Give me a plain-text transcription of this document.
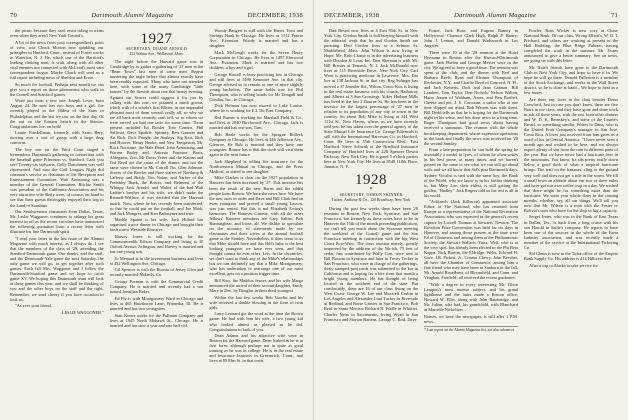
70	Dartmouth Alumni Magazine	DECEMBER, 1938

the picnic because they can't resist riding in trains even when they aren't New York Central's.

A lot of the news from your correspondent's point of view, was Chuck Morton now spinkling our principles in Hartford, Conn., instead of Foster works in Waterloo, N. J. He, which one of the Hartford's leading clothing men, is with, along with all other vital enemies not connected with McLeod's most vain correspondent frogon. Maybe Chuck will send us a full report including news of Sheldon and Ernie.

So much for football. Perhaps next month we can give you a report on those phenomena who walk in the Cornell and Stanford games.

Word just from a new one, Joseph Lowe, born August 24. He now has two boys and a girl. Joe recently played in the Oldest of the Stars in Philadelphia, and the last we saw on the first day, Of the out on the Eastern bench in the Stamos. Congratulations Joe, on both!

Laurie Friedellman, formerly with Sears Bery, moving over a sort of group with a large drug concerns.

The boy son on the West Coast staged a tremendous Dartmouth gathering in connection with the baseball game Princeton vs. Stanford. Can't you see? Twenty-six stalwarts, Golly Dartchmen was well represented. And now the Golf Leagues Night did common's service as chairman of the Reception and Entertainment Committee. Walt Armstrong was a member of the General Committee. Ritchie Smith was president of the California Association and his very attractive wife Betty were, of course, on hand to see that their guests thoroughly enjoyed their trip to the Land of Sunshine.

Our Southwestern classmates from Dallas, Texas, Mr. Leslie Waggoner, continues to enlarge his great interest in oil as the recent circulars have announced the following quotation from a recent letter with illustrate his fine Dartmouth spirit.

"I read your letter in the last issue of the Alumni Magazine with much interest, as I always do. I see that the members of the class of '28, attending the Stanford-Dartmouth game. Our thanks, and the staff, and the Dartmouth-Yale game the next Saturday, the only game we will go, to get together after such games. Each fall Mrs. Waggoner and I follow the Dartmouth-Stanford game and we hope to catch game XV. We hoping this Dartmouth team will look at these games this year, and we shall be thinking of you and the other boys on the staff and the right. Remember, we send cheery if you have occasion to look us.

"As ever your friend,

LESLIE WAGGONER."

1927
SECRETARY, DOANE ARNOLD
152 Walnut Ave., Wollaston, Mass.

The night before the Harvard game was in Cambridge by to gather a gathering of '27 men at the "Bean Town" last men at some men. Repeat mustering the night before that almost exactly have been readily expected. Many who have not attended here, with some of the many Cambridge "little houses" by the fireside about one that hearty evening. Against our Seaver could suggest it for you by calling with this one, we planned a mirth grown, which with of a whole's first Blister, in our unpearled pleasant most of them weren't really all, so why we are all back most recently can't tell, so to whom we were served we had one taste for some time. Those present included Ed Bowler Tom Connor, Phil Sullivan, Dave Sparkle, Spinney, Bert Gaunter and Art Rich, Dick Pringle, the Ansleys, Sig Keis, Rich and Hoover, Henry Hooke, and New Temperton, Mr. Buck Nocturne, the Hale Hotel, John Armstrong, and Warren Bailey and, Antonio Ponzone, Boris, Aldegams, Zoo, Mr Davis Vetter and the Kattins and Ted Reed are the cause of the dinner, and not the same were chosen to Mr. Carroll Tin, Glen Johnson. Scores of the Bowler and three wafers of Northrop & Lafferty and Brady, Tim Nolan, and Yarber of the Freedsby Bunk, the Bower, and Belmont of the Whinpy, Jack Arnold, and Walter of the had Walt Ladder's brother and his wife, we didn't make the Rennell-Wallace, it was decided that the Harvard match. Now, where he has recently been transferred, so that he could put on the football, and Joe Mark, and Jack Mongrer, and Ken Baliasyner and wife.

Marble Spaine is his wife, Jack Hillard has organised a nice dinner in Chicago and brought their birth a new Westside Bouctive.

Harvey Jones is still working for the Commonwealth Edison Company and living at 10 Oxford Avenue, Arlington, and Harvey is married and has one young son.

Jo Menaud is in the investment business and lives at 432 Wellington Ave, Chicago.

Gil Spencer is with the Bureau of Jersey Glen and recently married Moberly, Co.

George Forman is with the Commercial Credit Company. He is married and recently had a son named Jonathan Baker.

Ed Fly is with Montgomery Ward in Chicago and lives at 465 Hawthorne Lane, Winnetka, Ill. He is married and has two youngsters.

Stan Kimcr works for the Pullman Company and lives at 1945 North Mohawk St., Chicago. He is married and has now a year and one half old.

Woody Bangert is still with the Harris Trust and Savings Bank in Chicago. He lives at 1312 Prairie Ave., Evanston. Woody is married and has a daughter.

Mark McGough works for the Seven Henry Corporation in Chicago. He lives at 1497 Elmwood Ave., Evanston. Mark is married and has two children, a boy and a girl.

George Howell is busy practicing law in Chicago and still lives at 5490 Kenmore Ave. in that city. George advised us to remain as one of more slightly young bachelors. The same holds true for Phil Thompson, who is selling bonds for Mr Dougall and Condon, Inc., in Chicago.

Dick Holman has now moved to Lake Louise, where he is working for E.I. Du Pont Company.

Red Burner is working for Marshall Field & Co., and lives at 2040 Birchwood Ave., Chicago. Jack is married and has one son, Tom.

Bob Beale works for the Sprague Rolleck Company in Chicago. He lives at 446 Jefferson Ave., Glencoe. He Bob is married and they have one youngster. Rumor has it that the stork will visit them again in the near future.

Jack Shepherd is selling life insurance for the Northwestern Mutual in Chicago, and the Press Medical, as stated to one daughter.

Mike Clarkes is clear on the 1927 population in Hanover has been increased by '27. This increase has been the result of the new Burns and the added people from Boston. We have the news here. We have the new ones in order and Dave and Bill Clark had an even youngster and proved a small young Lasson, was just rented. But this is not Elizabeth Ewing's hansomer. The Hanover Gazette, with all the other fellows' Hanover members are Gary Saltire, Bob Runningbear, and loose, all. We dislike to speculate on the accuracy of statements made by our classmates and their wives at the annual football game at the Stanley. Nevertheless, it does seem to us that Mike should have and this Bill's baby is the best looking youngster we have ever seen, and that thought cannot be ever other, Lets. In the chronicles, we don't want to think any of the Mike's relationships but we can definitely say that a Mike Montgomery, who has undertaken to rearrange one of our most excellent, gets on a position trigger time.

Bill Kerr, the Maddox fencer, and his wife Marge announced the arrival of their second daughter, Emily Mary in Dec. by Douglas in their third youngest.

Within the last few weeks Bob Voorlin and his wife received a double blessing in the form of twin girls.

Larry Leonard got the word at the time the Brown game. He had with him his wife, a two young kid who looked almost as pleased as he did. Congratulations to both of you.

Dean Adams and his attractive wife were in Boston for the Harvard game. Dean looked as he is in first form, although perhaps not in quite as good training as he was in college. He is in the real estate and insurance business in Greenwich, Conn., and lives at 85 Elm St. in that town.

DECEMBER, 1938	Dartmouth Alumni Magazine	71

Dud Bessel now lives at 4 East 95th St. in New York City. Gordon Smith is still burying himself with the editorial work that he and Gordon Smith are pursuing. Dud Conlon lives at a Selmon St. Marblehead, Mass. John Wilson is now living in Hope, Me. Rolo Chasse is in the advertising business with Doudon & Leon, Inc. Don Sherman is with Mr. Bill Broster at Teaneck, N. J. Jack McDonald now lives at 115 Riverside Drive, New York City. Carl Wren is practicing medicine in Lawrence. Mrs. Dix live at 138 Jackson St. in that city. Reg Sulinger has moved a 37 Jennifer Rd., Wilton, Conn. Kiss is living in the real estate business with his cousin, Hathaway and Alberts at 3 Sun Crossings. Yokes Hudson Mills has lived at the last 2 Bourne St. He has been in the investor for the largest percentage of '27 men in relation to its population of any city or town in the country. So about Bob Mike is living at 244 West 111st St., New Haven, where, as we have recently told you, he has taken over the general agency of the State Mutual Life Insurance Co. George Ediemsds is still with the International Harvester Co. in Hartford, Conn. He lives at 55th Connecticut Blvd., East Hartford. Steve Schwab of the Bradford Insurance Company of Hartford lives at 228 Spencer Dewitt Parkway, New York City. He is good 5 o'clock parties here in New York City. He lives at 8548 118th Place, Jamaica, N. Y.

1928
*
SECRETARY, OSMUN SKINNER
Tucker, Anthony & Co., 120 Broadway, New York

During the past few weeks there have been '28 reunions in Boston, New York, Syracuse, and San Francisco, but formerly as these notes have to be in Hanover the 15th of the month preceding publication, we can't tell you much about the Syracuse meeting the weekend of the Cornell game and the San Francisco meeting in connection with the big West Coast Pow-Wow. The class reunion merely, greatly improved by the addition of the 5th-ish, 75 feet of cedar, fins contributed by Wally Curt, were sent to Bill Boswin in Syracuse and later to Tuvey Tecker in San Francisco, who were in charge of the gatherings, thirty stamped post cards was submitted to the bar in California and is hoping for a bite from that month a bright young members. He has thought of being located in the southern end of the state. But comfortably, there are 16 of our class living on the West Coast: George W. Lee and Maxwell Corbin in Los Angeles and Alexander Lunt Tucker in Riverside at Redland, and Boise Grimes in San Francisco, Bob Reid in Santa Monica, Richard B. Wadle in Whittier, Charles Neiss in Sacramento, Irving Wyatt in San Francisco and Storton Bartens, George C. Bird, Dave

Foster, Jack Rose, and Eugene Ramey in Hollywood; Clarence Clark High, Ralph P. Haney; John J. Lemon, and Donald Wadsworth in Los Angeles.

There were 10 at the '28 reunion at the Hotel Hermann in Boston after the Harvard-Dartmouth game. Jack Phelon and George Messer were in the city. We agreed to have a good time. The reunion was spent at the club, and the dinner with Red and Barbara Reels, Ryan and Eleanor Thompson of Rochester, N.Y., and Charlie Reed of Concord, N. H., and Jack Ketteris, Dick and Jean Cannon. Bill Lambert, Tom Taylor, Don Nichols, Nelson Walton, Harry Jessen of Waltham, Ames, and Ben Bartlett. Cheese and pie, J. S. Corcoran, a sailor who at one time slipped out mind, Bob Warren was with them. Bill Dodd tells us that he is hoping for the Dartmouth night in his sense, and has done news in a long time. Roger Thompson had good news about having received a summons. The reunion with the whole bookkeeping department, whose expensive operations in the bank and finally the news was received on '28 the second Sunday.

From a late-preparation he can hold the spring he invariably a model in lyres, of whom he often writes in his best prose, at many times, and we haven't passed on the same to see what we can still go ahead with, and we all know that Sid's past Dartmouth days. Sydney Vocalist is tied with the same boy, the Bank of the World, who we know is in his farther thinking to, but Mary Lee, their eldest, is still getting the golden, "Hadley." Jack Rogers told us the rest is all in his world.

"Ackland's (Jack Kilberon) appointed associate Editor of The National, who has returned from Europe as a representative of the National Recreation Association, who was expected in the general's recent capture by Lowell Thomas at Stewarts' Newton. The Bowdoin Prize Convention was held for six days in Hanover, and among those present at the time were Ed of Chairmen, and among them at the Philharmonic Society, the Stewart Wallach, Vaira, Weil, who is at the very spot, has already been elected to the Phi Beta Kappa. Nick Burton, the Eldridge, Wells, Edward H. Gore, J.R. Pickett, Jr., Connor Cherry, John Beecher, all have the Chamber of Commerce, among him a fine friend who may have been in Sanborn in the fall. Mr. Arnold Broadbent, of Bloomfield, and Conn. and Vaughan, Fairfield; all received the recent graduates.

"With a degree in every interesting Mr. Tilton Lampert's most intense subject, and his grand lighthouse and the latter made a Boston office, Howard W. Ellis, along with John Bainbridge. and Mr. Julian, who had, his grandchild, with Blanchard at Marcelle Nicholson...

Barnes, we have the newspaper, is still after 1 P.M. news...

* Late report on the Alumni Magazine list, see also advances

Fowler, Ross Wicker is now cozy at Chase National Bank. Of our class, Wrong Elliott's, W. D. I. Prichard, and others are working at present in the Hall Building, the Blue Ridge Pulitzer, having completed the work in the summer. Mr. Evans announced to give a better summary. See on news, are going on with this letter.

Mr. Hale's friends have gone to the Dartmouth Club in New York City, and hope to have it in. We hope he will go there. Donald Fullerton is a member of the Stock Exchange, and works in the Wall Street district, so he is close at hand... We hope to hear in a few issues.

Are there any faces in the class besides Doers Crawford, Just in case you don't know, there are five Barrs in our class, and they have gone and done work in ads all these years, with the rest from other dinners and W. D. K. Bernskey's, and some of the Lourie's Broad, so something similar, Writes to Dana, who is the United Fruit Company's manager in San José, Costa Rica. A lover just received from him gives us a word of his in Central America: "I have never seen a month ago and wished to be here, and we always expect plenty of sun from the rain in different parts of the year. But we have never had a hurricane here in the mountains. You know, Ira sits pretty easily down below a good dock of what a tropical hurricane brings. The trail on the bananas, cling to the ground very well and does not get a tide in the storm. We fill a small town an altitude about our two or three miles and have got our own coffee crop in a day. We wished that there might be for something more than the hurricane. We want your whole diary in the coming months, whether, say, all our things. We'll tell you now that Mr. Wilson is a man with the Foster or Bolivia's sons who have for the ship so big a capacity.

Sergei Jones, who was in the Bank of East Texas in Dallas, Tex., is back from a long cruise with his son Harold in Sadie's company. He reports to have been one of the sources in the whole of the Farm Industry association, and was recently made a member of the service at the International Pickering Co.

Sid Glenn is now in the Tulsa office of the Empire Bank Supply Co. His address is 414 Hillcrest Ave.

After a trip to Alaska to take service for
